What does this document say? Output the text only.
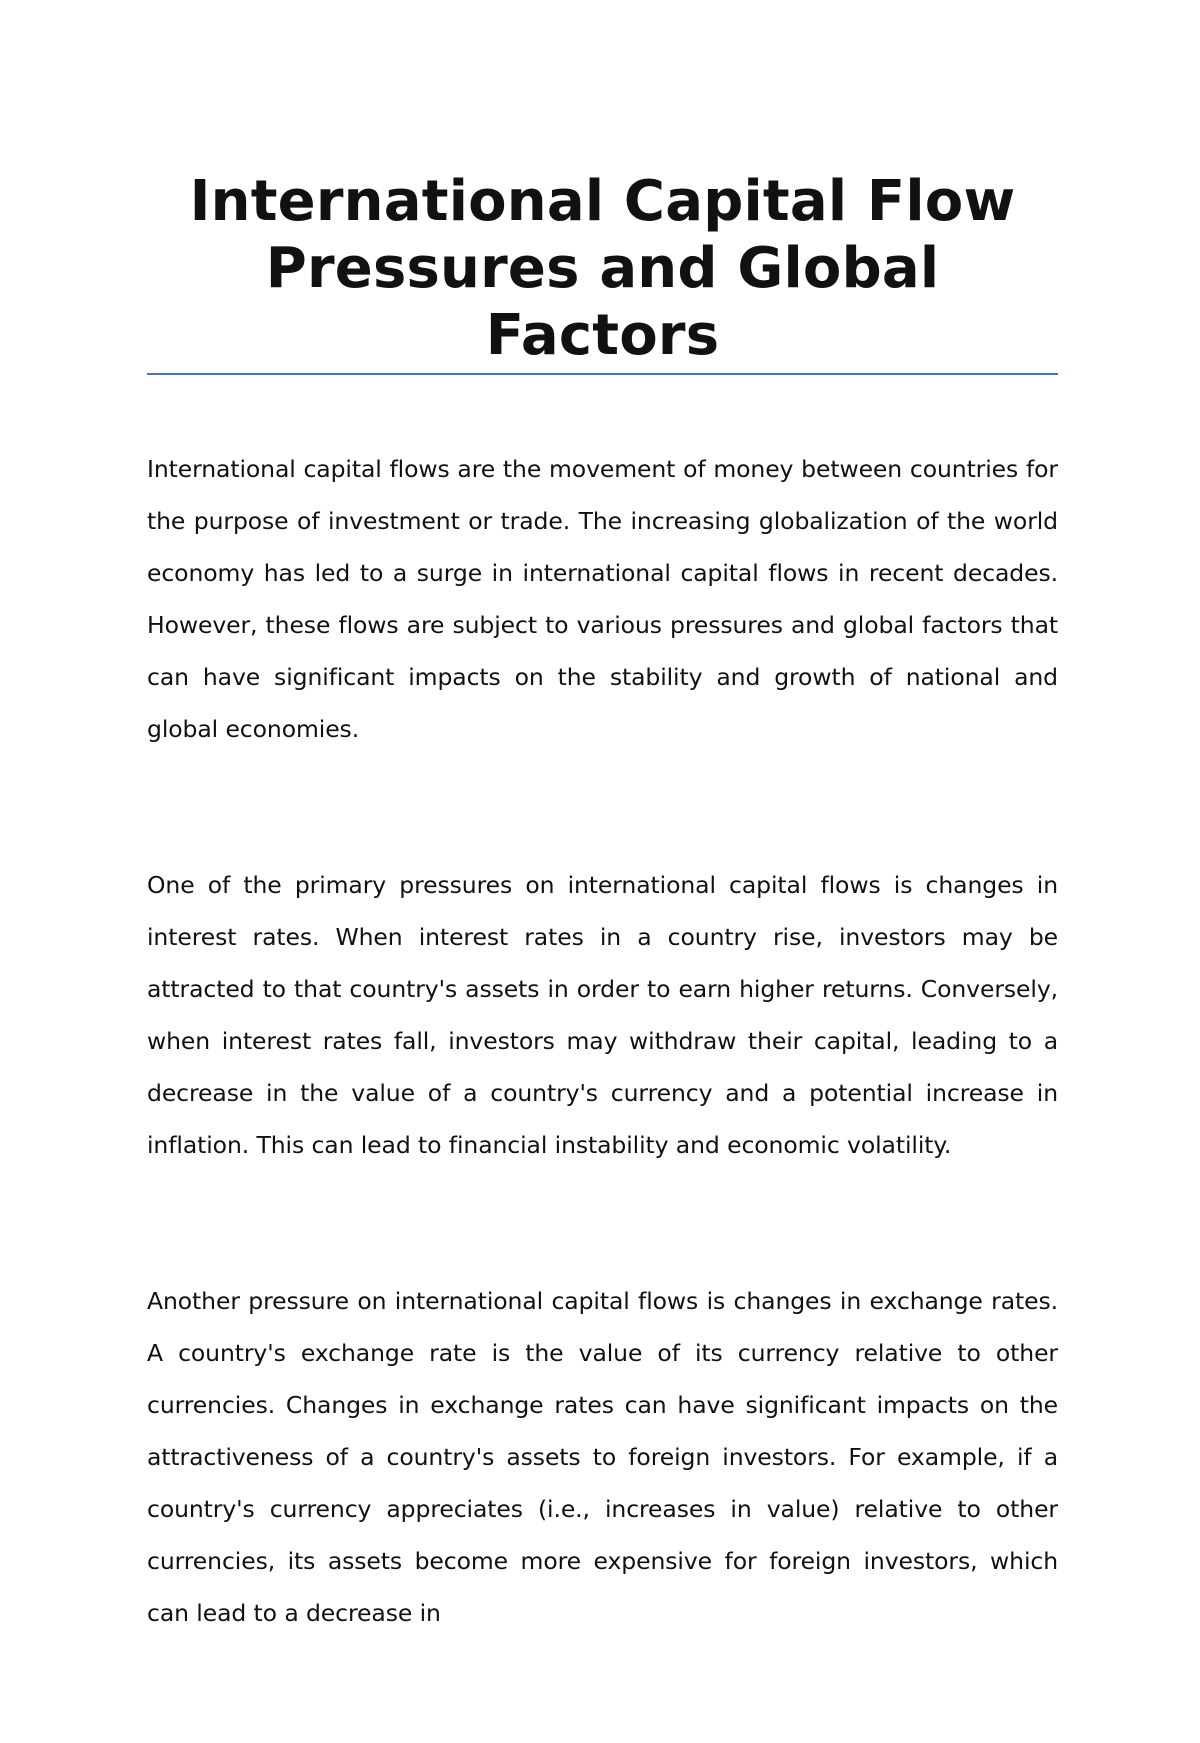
International Capital Flow Pressures and Global Factors

International capital flows are the movement of money between countries for the purpose of investment or trade. The increasing globalization of the world economy has led to a surge in international capital flows in recent decades. However, these flows are subject to various pressures and global factors that can have significant impacts on the stability and growth of national and global economies.

One of the primary pressures on international capital flows is changes in interest rates. When interest rates in a country rise, investors may be attracted to that country's assets in order to earn higher returns. Conversely, when interest rates fall, investors may withdraw their capital, leading to a decrease in the value of a country's currency and a potential increase in inflation. This can lead to financial instability and economic volatility.

Another pressure on international capital flows is changes in exchange rates. A country's exchange rate is the value of its currency relative to other currencies. Changes in exchange rates can have significant impacts on the attractiveness of a country's assets to foreign investors. For example, if a country's currency appreciates (i.e., increases in value) relative to other currencies, its assets become more expensive for foreign investors, which can lead to a decrease in
